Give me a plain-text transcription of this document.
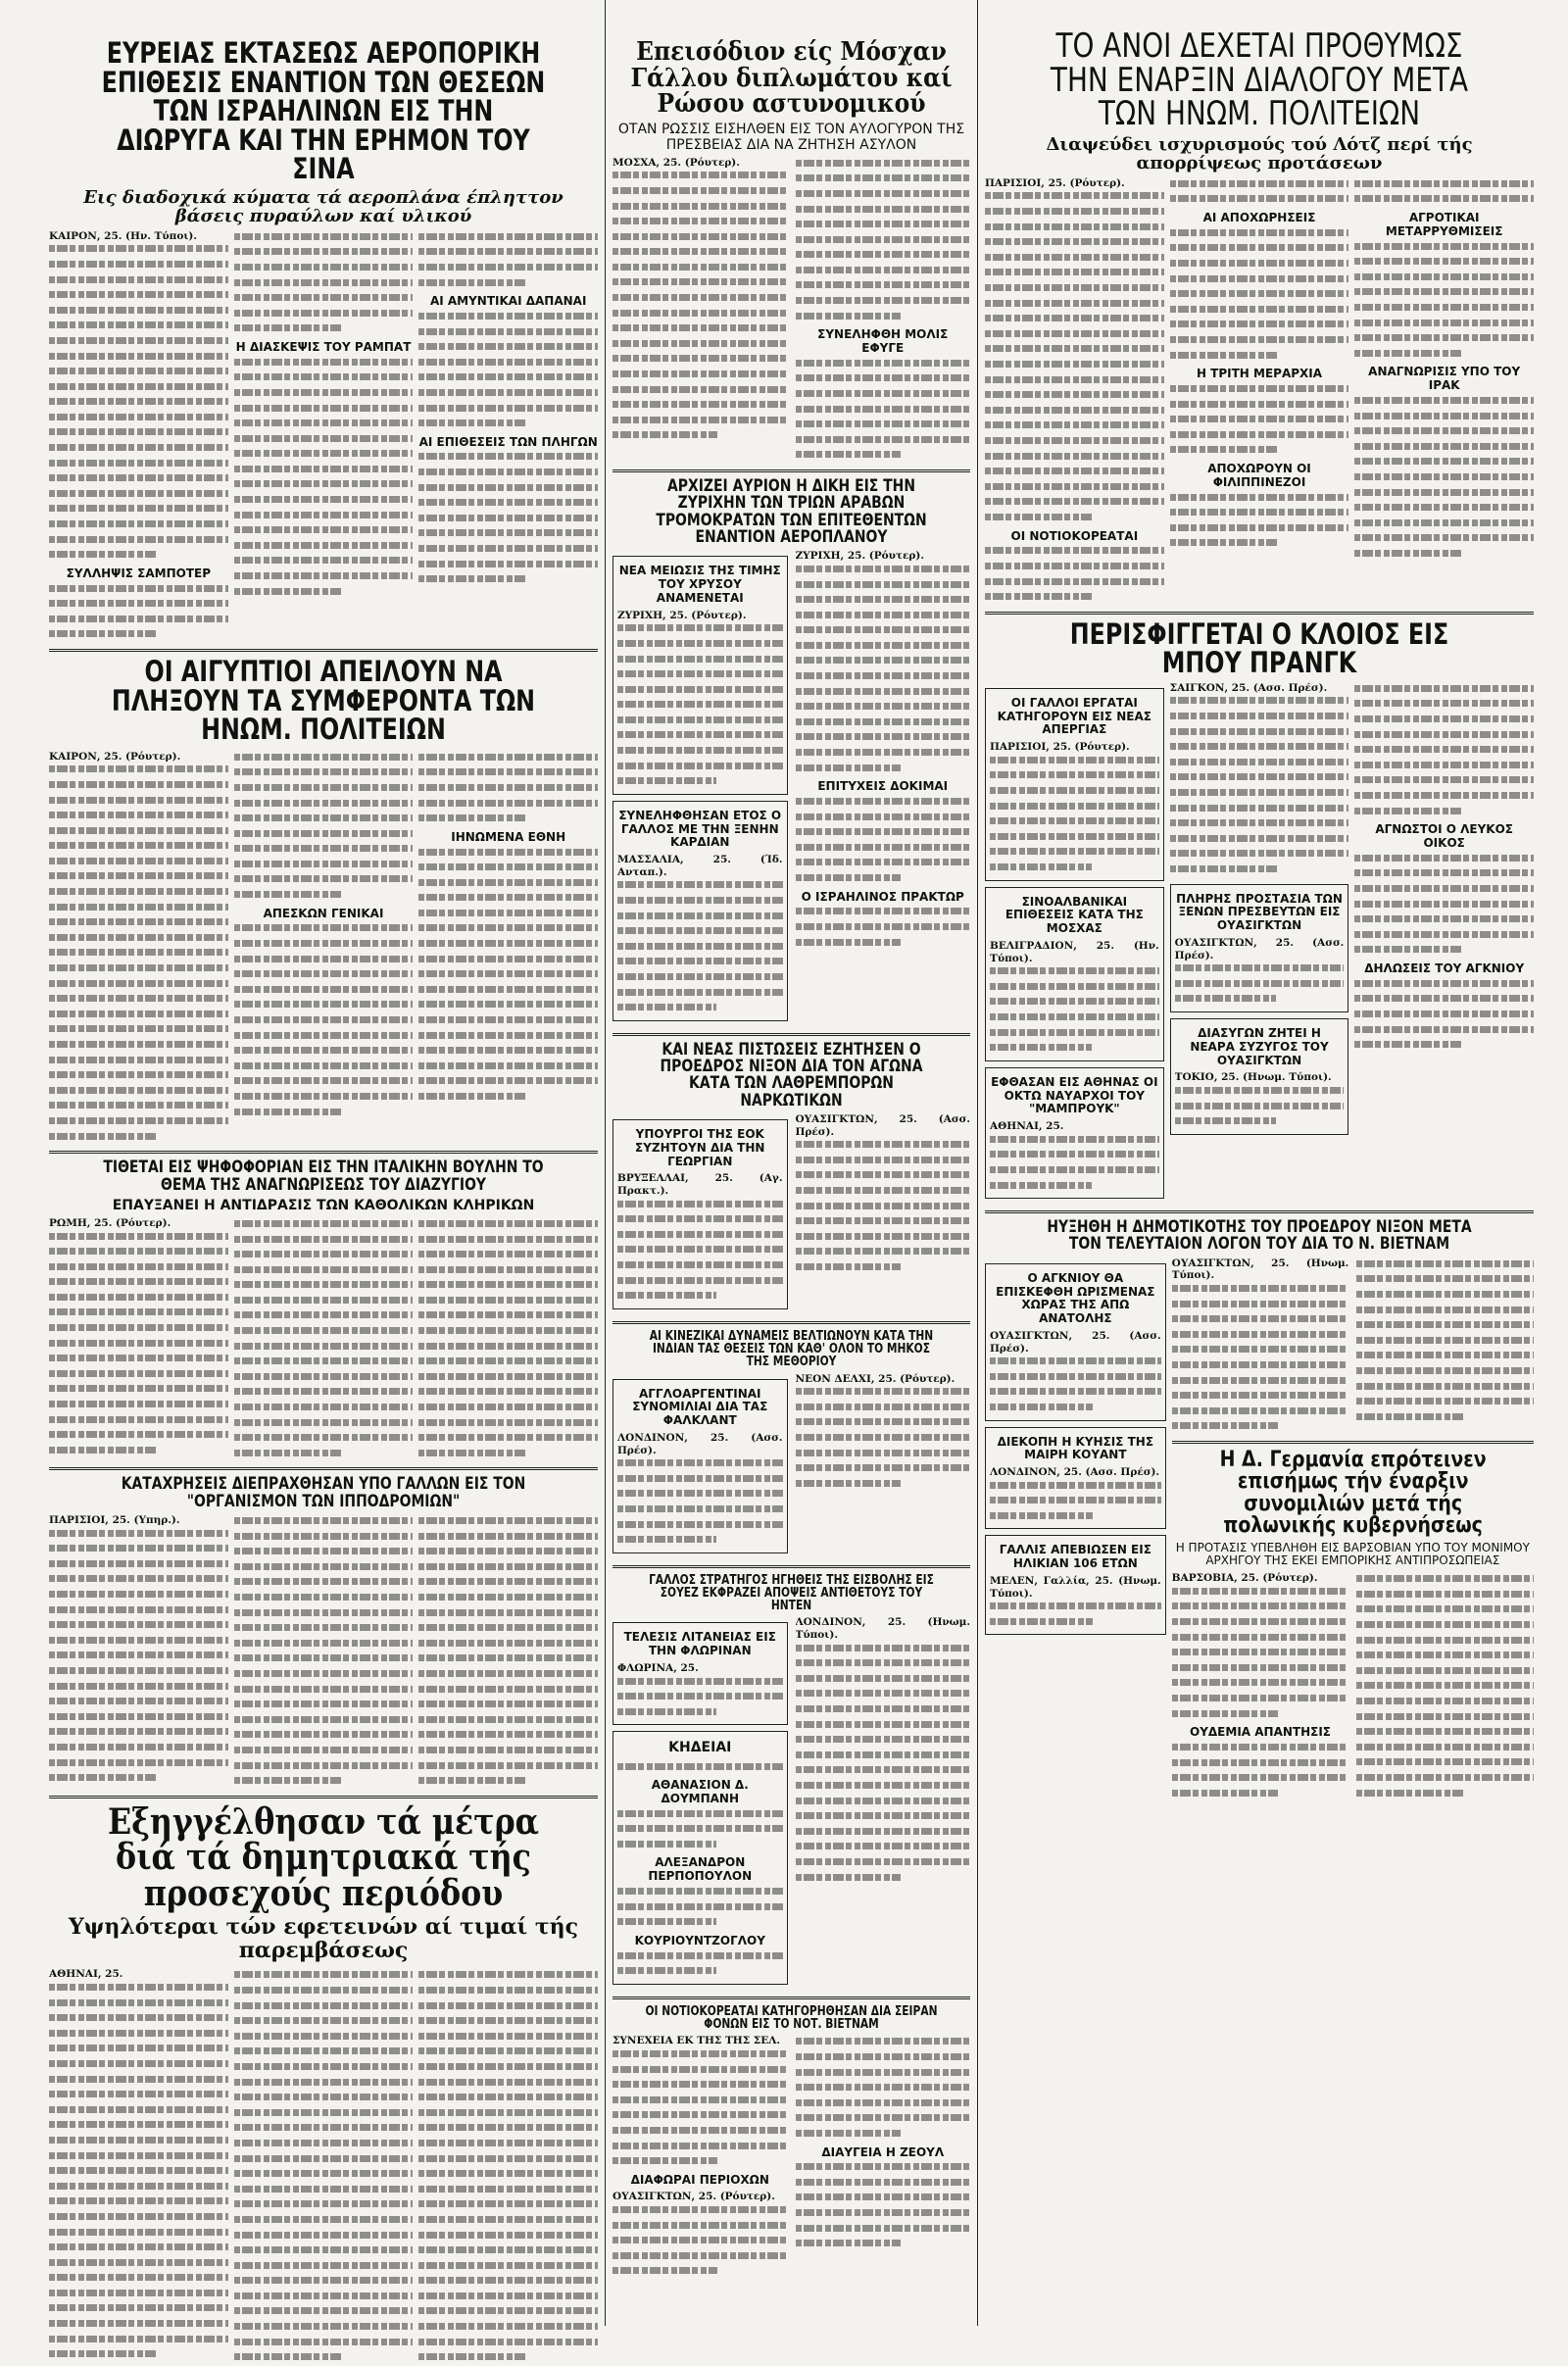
ΕΥΡΕΙΑΣ ΕΚΤΑΣΕΩΣ ΑΕΡΟΠΟΡΙΚΗ ΕΠΙΘΕΣΙΣ ΕΝΑΝΤΙΟΝ ΤΩΝ ΘΕΣΕΩΝ ΤΩΝ ΙΣΡΑΗΛΙΝΩΝ ΕΙΣ ΤΗΝ ΔΙΩΡΥΓΑ ΚΑΙ ΤΗΝ ΕΡΗΜΟΝ ΤΟΥ ΣΙΝΑ
Εις διαδοχικά κύματα τά αεροπλάνα έπληττον βάσεις πυραύλων καί υλικού
ΚΑΙΡΟΝ, 25. (Ην. Τύποι).
ΣΥΛΛΗΨΙΣ ΣΑΜΠΟΤΕΡ
Η ΔΙΑΣΚΕΨΙΣ ΤΟΥ ΡΑΜΠΑΤ
ΑΙ ΑΜΥΝΤΙΚΑΙ ΔΑΠΑΝΑΙ
ΑΙ ΕΠΙΘΕΣΕΙΣ ΤΩΝ ΠΛΗΓΩΝ
ΟΙ ΑΙΓΥΠΤΙΟΙ ΑΠΕΙΛΟΥΝ ΝΑ ΠΛΗΞΟΥΝ ΤΑ ΣΥΜΦΕΡΟΝΤΑ ΤΩΝ ΗΝΩΜ. ΠΟΛΙΤΕΙΩΝ
ΚΑΙΡΟΝ, 25. (Ρόυτερ).
ΑΠΕΣΚΩΝ ΓΕΝΙΚΑΙ
ΙΗΝΩΜΕΝΑ ΕΘΝΗ
ΤΙΘΕΤΑΙ ΕΙΣ ΨΗΦΟΦΟΡΙΑΝ ΕΙΣ ΤΗΝ ΙΤΑΛΙΚΗΝ ΒΟΥΛΗΝ ΤΟ ΘΕΜΑ ΤΗΣ ΑΝΑΓΝΩΡΙΣΕΩΣ ΤΟΥ ΔΙΑΖΥΓΙΟΥ
ΕΠΑΥΞΑΝΕΙ Η ΑΝΤΙΔΡΑΣΙΣ ΤΩΝ ΚΑΘΟΛΙΚΩΝ ΚΛΗΡΙΚΩΝ
ΡΩΜΗ, 25. (Ρόυτερ).
ΚΑΤΑΧΡΗΣΕΙΣ ΔΙΕΠΡΑΧΘΗΣΑΝ ΥΠΟ ΓΑΛΛΩΝ ΕΙΣ ΤΟΝ "ΟΡΓΑΝΙΣΜΟΝ ΤΩΝ ΙΠΠΟΔΡΟΜΙΩΝ"
ΠΑΡΙΣΙΟΙ, 25. (Υπηρ.).
Εξηγγέλθησαν τά μέτρα διά τά δημητριακά τής προσεχούς περιόδου
Υψηλότεραι τών εφετεινών αί τιμαί τής παρεμβάσεως
ΑΘΗΝΑΙ, 25.
Επεισόδιον είς Μόσχαν Γάλλου διπλωμάτου καί Ρώσου αστυνομικού
ΟΤΑΝ ΡΩΣΣΙΣ ΕΙΣΗΛΘΕΝ ΕΙΣ ΤΟΝ ΑΥΛΟΓΥΡΟΝ ΤΗΣ ΠΡΕΣΒΕΙΑΣ ΔΙΑ ΝΑ ΖΗΤΗΣΗ ΑΣΥΛΟΝ
ΜΟΣΧΑ, 25. (Ρόυτερ).
ΣΥΝΕΛΗΦΘΗ ΜΟΛΙΣ ΕΦΥΓΕ
ΑΡΧΙΖΕΙ ΑΥΡΙΟΝ Η ΔΙΚΗ ΕΙΣ ΤΗΝ ΖΥΡΙΧΗΝ ΤΩΝ ΤΡΙΩΝ ΑΡΑΒΩΝ ΤΡΟΜΟΚΡΑΤΩΝ ΤΩΝ ΕΠΙΤΕΘΕΝΤΩΝ ΕΝΑΝΤΙΟΝ ΑΕΡΟΠΛΑΝΟΥ
ΝΕΑ ΜΕΙΩΣΙΣ ΤΗΣ ΤΙΜΗΣ ΤΟΥ ΧΡΥΣΟΥ ΑΝΑΜΕΝΕΤΑΙ
ΖΥΡΙΧΗ, 25. (Ρόυτερ).
ΣΥΝΕΛΗΦΘΗΣΑΝ ΕΤΟΣ Ο ΓΑΛΛΟΣ ΜΕ ΤΗΝ ΞΕΝΗΝ ΚΑΡΔΙΑΝ
ΜΑΣΣΑΛΙΑ, 25. (Ίδ. Ανταπ.).
ΖΥΡΙΧΗ, 25. (Ρόυτερ).
ΕΠΙΤΥΧΕΙΣ ΔΟΚΙΜΑΙ
Ο ΙΣΡΑΗΛΙΝΟΣ ΠΡΑΚΤΩΡ
ΚΑΙ ΝΕΑΣ ΠΙΣΤΩΣΕΙΣ ΕΖΗΤΗΣΕΝ Ο ΠΡΟΕΔΡΟΣ ΝΙΞΟΝ ΔΙΑ ΤΟΝ ΑΓΩΝΑ ΚΑΤΑ ΤΩΝ ΛΑΘΡΕΜΠΟΡΩΝ ΝΑΡΚΩΤΙΚΩΝ
ΥΠΟΥΡΓΟΙ ΤΗΣ ΕΟΚ ΣΥΖΗΤΟΥΝ ΔΙΑ ΤΗΝ ΓΕΩΡΓΙΑΝ
ΒΡΥΞΕΛΛΑΙ, 25. (Αγ. Πρακτ.).
ΟΥΑΣΙΓΚΤΩΝ, 25. (Ασσ. Πρέσ).
ΑΙ ΚΙΝΕΖΙΚΑΙ ΔΥΝΑΜΕΙΣ ΒΕΛΤΙΩΝΟΥΝ ΚΑΤΑ ΤΗΝ ΙΝΔΙΑΝ ΤΑΣ ΘΕΣΕΙΣ ΤΩΝ ΚΑΘ' ΟΛΟΝ ΤΟ ΜΗΚΟΣ ΤΗΣ ΜΕΘΟΡΙΟΥ
ΑΓΓΛΟΑΡΓΕΝΤΙΝΑΙ ΣΥΝΟΜΙΛΙΑΙ ΔΙΑ ΤΑΣ ΦΑΛΚΛΑΝΤ
ΛΟΝΔΙΝΟΝ, 25. (Ασσ. Πρέσ).
ΝΕΟΝ ΔΕΛΧΙ, 25. (Ρόυτερ).
ΓΑΛΛΟΣ ΣΤΡΑΤΗΓΟΣ ΗΓΗΘΕΙΣ ΤΗΣ ΕΙΣΒΟΛΗΣ ΕΙΣ ΣΟΥΕΖ ΕΚΦΡΑΖΕΙ ΑΠΟΨΕΙΣ ΑΝΤΙΘΕΤΟΥΣ ΤΟΥ ΗΝΤΕΝ
ΤΕΛΕΣΙΣ ΛΙΤΑΝΕΙΑΣ ΕΙΣ ΤΗΝ ΦΛΩΡΙΝΑΝ
ΦΛΩΡΙΝΑ, 25.
ΚΗΔΕΙΑΙ
ΑΘΑΝΑΣΙΟΝ Δ. ΔΟΥΜΠΑΝΗ
ΑΛΕΞΑΝΔΡΟΝ ΠΕΡΠΟΠΟΥΛΟΝ
ΚΟΥΡΙΟΥΝΤΖΟΓΛΟΥ
ΛΟΝΔΙΝΟΝ, 25. (Ηνωμ. Τύποι).
ΟΙ ΝΟΤΙΟΚΟΡΕΑΤΑΙ ΚΑΤΗΓΟΡΗΘΗΣΑΝ ΔΙΑ ΣΕΙΡΑΝ ΦΟΝΩΝ ΕΙΣ ΤΟ ΝΟΤ. ΒΙΕΤΝΑΜ
ΣΥΝΕΧΕΙΑ ΕΚ ΤΗΣ ΤΗΣ ΣΕΛ.
ΔΙΑΦΩΡΑΙ ΠΕΡΙΟΧΩΝ
ΟΥΑΣΙΓΚΤΩΝ, 25. (Ρόυτερ).
ΔΙΑΥΓΕΙΑ Η ΖΕΟΥΛ
ΤΟ ΑΝΟΙ ΔΕΧΕΤΑΙ ΠΡΟΘΥΜΩΣ ΤΗΝ ΕΝΑΡΞΙΝ ΔΙΑΛΟΓΟΥ ΜΕΤΑ ΤΩΝ ΗΝΩΜ. ΠΟΛΙΤΕΙΩΝ
Διαψεύδει ισχυρισμούς τού Λότζ περί τής απορρίψεως προτάσεων
ΠΑΡΙΣΙΟΙ, 25. (Ρόυτερ).
ΟΙ ΝΟΤΙΟΚΟΡΕΑΤΑΙ
ΑΙ ΑΠΟΧΩΡΗΣΕΙΣ
Η ΤΡΙΤΗ ΜΕΡΑΡΧΙΑ
ΑΠΟΧΩΡΟΥΝ ΟΙ ΦΙΛΙΠΠΙΝΕΖΟΙ
ΑΓΡΟΤΙΚΑΙ ΜΕΤΑΡΡΥΘΜΙΣΕΙΣ
ΑΝΑΓΝΩΡΙΣΙΣ ΥΠΟ ΤΟΥ ΙΡΑΚ
ΠΕΡΙΣΦΙΓΓΕΤΑΙ Ο ΚΛΟΙΟΣ ΕΙΣ ΜΠΟΥ ΠΡΑΝΓΚ
ΟΙ ΓΑΛΛΟΙ ΕΡΓΑΤΑΙ ΚΑΤΗΓΟΡΟΥΝ ΕΙΣ ΝΕΑΣ ΑΠΕΡΓΙΑΣ
ΠΑΡΙΣΙΟΙ, 25. (Ρόυτερ).
ΣΙΝΟΑΛΒΑΝΙΚΑΙ ΕΠΙΘΕΣΕΙΣ ΚΑΤΑ ΤΗΣ ΜΟΣΧΑΣ
ΒΕΛΙΓΡΑΔΙΟΝ, 25. (Ην. Τύποι).
ΕΦΘΑΣΑΝ ΕΙΣ ΑΘΗΝΑΣ ΟΙ ΟΚΤΩ ΝΑΥΑΡΧΟΙ ΤΟΥ "ΜΑΜΠΡΟΥΚ"
ΑΘΗΝΑΙ, 25.
ΣΑΙΓΚΟΝ, 25. (Ασσ. Πρέσ).
ΠΛΗΡΗΣ ΠΡΟΣΤΑΣΙΑ ΤΩΝ ΞΕΝΩΝ ΠΡΕΣΒΕΥΤΩΝ ΕΙΣ ΟΥΑΣΙΓΚΤΩΝ
ΟΥΑΣΙΓΚΤΩΝ, 25. (Ασσ. Πρέσ).
ΔΙΑΣΥΓΩΝ ΖΗΤΕΙ Η ΝΕΑΡΑ ΣΥΖΥΓΟΣ ΤΟΥ ΟΥΑΣΙΓΚΤΩΝ
ΤΟΚΙΟ, 25. (Ηνωμ. Τύποι).
ΑΓΝΩΣΤΟΙ Ο ΛΕΥΚΟΣ ΟΙΚΟΣ
ΔΗΛΩΣΕΙΣ ΤΟΥ ΑΓΚΝΙΟΥ
ΗΥΞΗΘΗ Η ΔΗΜΟΤΙΚΟΤΗΣ ΤΟΥ ΠΡΟΕΔΡΟΥ ΝΙΞΟΝ ΜΕΤΑ ΤΟΝ ΤΕΛΕΥΤΑΙΟΝ ΛΟΓΟΝ ΤΟΥ ΔΙΑ ΤΟ Ν. ΒΙΕΤΝΑΜ
Ο ΑΓΚΝΙΟΥ ΘΑ ΕΠΙΣΚΕΦΘΗ ΩΡΙΣΜΕΝΑΣ ΧΩΡΑΣ ΤΗΣ ΑΠΩ ΑΝΑΤΟΛΗΣ
ΟΥΑΣΙΓΚΤΩΝ, 25. (Ασσ. Πρέσ).
ΔΙΕΚΟΠΗ Η ΚΥΗΣΙΣ ΤΗΣ ΜΑΙΡΗ ΚΟΥΑΝΤ
ΛΟΝΔΙΝΟΝ, 25. (Ασσ. Πρέσ).
ΓΑΛΛΙΣ ΑΠΕΒΙΩΣΕΝ ΕΙΣ ΗΛΙΚΙΑΝ 106 ΕΤΩΝ
ΜΕΛΕΝ, Γαλλία, 25. (Ηνωμ. Τύποι).
ΟΥΑΣΙΓΚΤΩΝ, 25. (Ηνωμ. Τύποι).
Η Δ. Γερμανία επρότεινεν επισήμως τήν έναρξιν συνομιλιών μετά τής πολωνικής κυβερνήσεως
Η ΠΡΟΤΑΣΙΣ ΥΠΕΒΛΗΘΗ ΕΙΣ ΒΑΡΣΟΒΙΑΝ ΥΠΟ ΤΟΥ ΜΟΝΙΜΟΥ ΑΡΧΗΓΟΥ ΤΗΣ ΕΚΕΙ ΕΜΠΟΡΙΚΗΣ ΑΝΤΙΠΡΟΣΩΠΕΙΑΣ
ΒΑΡΣΟΒΙΑ, 25. (Ρόυτερ).
ΟΥΔΕΜΙΑ ΑΠΑΝΤΗΣΙΣ
